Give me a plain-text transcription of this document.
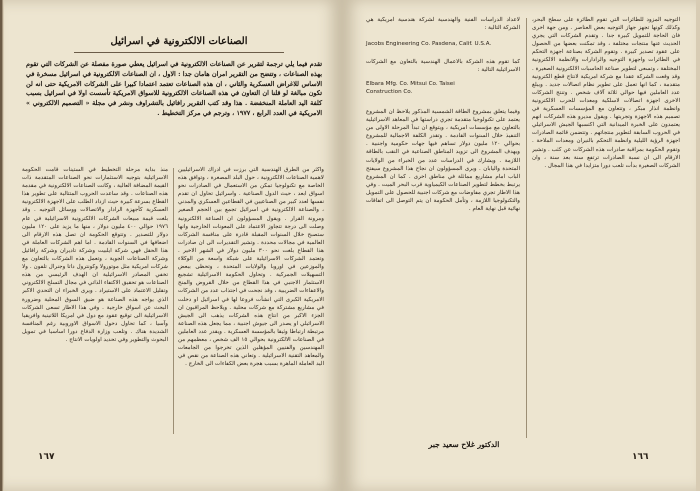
الصناعات الالكترونية في اسرائيل
تقدم فيما يلي ترجمة لتقرير عن الصناعات الالكترونية في اسرائيل يعطي صورة مفصلة عن الشركات التي تقوم بهذه الصناعات ، وتتضح من التقرير امران هامان جدا : الاول ، ان الصناعات الالكترونية في اسرائيل مسخرة في الاساس للاغراض العسكرية والثاني ، ان هذه الصناعات تعتمد اعتمادا كبيرا على الشركات الامريكية حتى انه لن تكون مبالغة لو قلنا ان التعاون في هذه الصناعات الالكترونية للاسواق الامريكية تأسست اولا في اسرائيل بسبب كلفة اليد العاملة المنخفضة . هذا وقد كتب التقرير رافائيل بالتشراوف ونشر في مجلة « التصميم الالكتروني » الامريكية في العدد الرابع ، ١٩٧٧ ، وترجم في مركز التخطيط .

واكثر من الطرق الهندسية التي برزت في ادراك الاسرائيليين لاهمية الصناعات الالكترونية ، حول البلد المصغرة ، وتوافق هذه الخاصة مع تكنولوجيا تمكن من الاستعمال في الصادرات نحو اسواق ابعد ، حيث الدول الصناعية . واسرائيل تحاول ان تقدم نفسها لعدد كبير من الصناعيين في القطاعين العسكري والمدني ، والصناعة الالكترونية في اسرائيل تجمع بين الحجم الصغير ومرونة القرار . ويقول المسؤولون ان الصناعة الالكترونية وصلت الى درجة تتجاوز الاعتماد على المعونات الخارجية وانها ستصبح خلال السنوات المقبلة قادرة على منافسة الشركات العالمية في مجالات محددة . وتشير التقديرات الى ان صادرات هذا القطاع بلغت نحو ٣٠٠ مليون دولار في الشهر الاخير . وتعتمد الشركات الاسرائيلية على شبكة واسعة من الوكلاء والموزعين في اوروبا والولايات المتحدة ، وتحظى ببعض التسهيلات الجمركية . وتحاول الحكومة الاسرائيلية تشجيع الاستثمار الاجنبي في هذا القطاع من خلال القروض والمنح والاعفاءات الضريبية ، وقد نجحت في اجتذاب عدد من الشركات الامريكية الكبرى التي انشأت فروعا لها في اسرائيل او دخلت في مشاريع مشتركة مع شركات محلية . ويلاحظ المراقبون ان الجزء الاكبر من انتاج هذه الشركات يذهب الى الجيش الاسرائيلي او يصدر الى جيوش اجنبية ، مما يجعل هذه الصناعة مرتبطة ارتباطا وثيقا بالمؤسسة العسكرية . ويقدر عدد العاملين في الصناعات الالكترونية بحوالي ١٥ الف شخص ، معظمهم من المهندسين والفنيين المؤهلين الذين تخرجوا من الجامعات والمعاهد التقنية الاسرائيلية . وتعاني هذه الصناعة من نقص في اليد العاملة الماهرة بسبب هجرة بعض الكفاءات الى الخارج .

منذ بداية مرحلة التخطيط في الستينات قامت الحكومة الاسرائيلية بتوجيه الاستثمارات نحو الصناعات المتقدمة ذات القيمة المضافة العالية ، وكانت الصناعات الالكترونية في مقدمة هذه الصناعات . وقد ساعدت الحروب المتتالية على تطوير هذا القطاع بسرعة كبيرة حيث ازداد الطلب على الاجهزة الالكترونية العسكرية كأجهزة الرادار والاتصالات ووسائل التوجيه . وقد بلغت قيمة مبيعات الشركات الالكترونية الاسرائيلية في عام ١٩٧٦ حوالي ٤٠٠ مليون دولار ، منها ما يزيد على ١٢٠ مليون دولار للتصدير . وتتوقع الحكومة ان تصل هذه الارقام الى اضعافها في السنوات القادمة . اما اهم الشركات العاملة في هذا الحقل فهي شركة ايلبيت وشركة تاديران وشركة رافائيل وشركة الصناعات الجوية ، وتعمل هذه الشركات بالتعاون مع شركات امريكية مثل موتورولا وكونترول داتا وجنرال تلفون . ولا تخفي المصادر الاسرائيلية ان الهدف الرئيسي من هذه الصناعات هو تحقيق الاكتفاء الذاتي في مجال التسلح الالكتروني وتقليل الاعتماد على الاستيراد . ويرى الخبراء ان التحدي الاكبر الذي يواجه هذه الصناعة هو ضيق السوق المحلية وضرورة البحث عن اسواق خارجية . وفي هذا الاطار تسعى الشركات الاسرائيلية الى توقيع عقود مع دول في امريكا اللاتينية وافريقيا وآسيا ، كما تحاول دخول الاسواق الاوروبية رغم المنافسة الشديدة هناك . وتلعب وزارة الدفاع دورا اساسيا في تمويل البحوث والتطوير وفي تحديد اولويات الانتاج .

١٦٧

التوجيه المزود للطائرات التي تقوم الطائرة على سطح البحر، وكذلك كونها تجهز جهاز التوجيه بعض العناصر . ومن جهة اخرى فان الحاجة للتمويل كبيرة جدا . وتقدم الشركات التي يجري الحديث عنها منتجات مختلفة ، وقد تمكنت بعضها من الحصول على عقود تصدير كبيرة . وتقوم الشركة بصناعة اجهزة التحكم في الطائرات واجهزة التوجيه والرادارات والانظمة الالكترونية المختلفة ، وتسعى لتطوير صناعة الحاسبات الالكترونية الصغيرة . وقد وقعت الشركة عقدا مع شركة امريكية لانتاج قطع الكترونية متقدمة ، كما انها تعمل على تطوير نظام اتصالات جديد . ويبلغ عدد العاملين فيها حوالي ثلاثة آلاف شخص . وتنتج الشركات الاخرى اجهزة اتصالات لاسلكية ومعدات للحرب الالكترونية وانظمة انذار مبكر ، وتتعاون مع المؤسسات العسكرية في تصميم هذه الاجهزة وتجربتها . ويقول مديرو هذه الشركات انهم يعتمدون على الخبرة الميدانية التي اكتسبها الجيش الاسرائيلي في الحروب السابقة لتطوير منتجاتهم . وتتضمن قائمة الصادرات اجهزة الرؤية الليلية وانظمة التحكم بالنيران ومعدات الملاحة . وتقوم الحكومة بمراقبة صادرات هذه الشركات عن كثب . وتشير الارقام الى ان نسبة الصادرات ترتفع سنة بعد سنة ، وان الشركات الصغيرة بدأت تلعب دورا متزايدا في هذا المجال .

لاعداد الدراسات الفنية والهندسية لشركة هندسية امريكية هي الشركة التالية :

Jacobs Engineering Co. Pasdena, Calif. U.S.A.

كما تقوم هذه الشركة بالاعمال الهندسية بالتعاون مع الشركات الاسرائيلية التالية :

Elbara Mfg. Co. Mitsui Co. Taisei Construction Co.

وفيما يتعلق بمشروع الطاقة الشمسية المذكور يلاحظ ان المشروع يعتمد على تكنولوجيا متقدمة تجري دراستها في المعاهد الاسرائيلية بالتعاون مع مؤسسات امريكية ، ويتوقع ان تبدأ المرحلة الاولى من التنفيذ خلال السنوات القادمة . وتقدر الكلفة الاجمالية للمشروع بحوالي ١٢٠ مليون دولار تساهم فيها جهات حكومية واجنبية . ويهدف المشروع الى تزويد المناطق الصناعية في النقب بالطاقة اللازمة . ويشارك في الدراسات عدد من الخبراء من الولايات المتحدة واليابان . ويرى المسؤولون ان نجاح هذا المشروع سيفتح الباب امام مشاريع مماثلة في مناطق اخرى . كما ان المشروع يرتبط بخطط لتطوير الصناعات الكيمياوية قرب البحر الميت . وفي هذا الاطار تجري مفاوضات مع شركات اجنبية للحصول على التمويل والتكنولوجيا اللازمة ، وتأمل الحكومة ان يتم التوصل الى اتفاقات نهائية قبل نهاية العام .

الدكتور غلاح سعيد جبر
١٦٦
